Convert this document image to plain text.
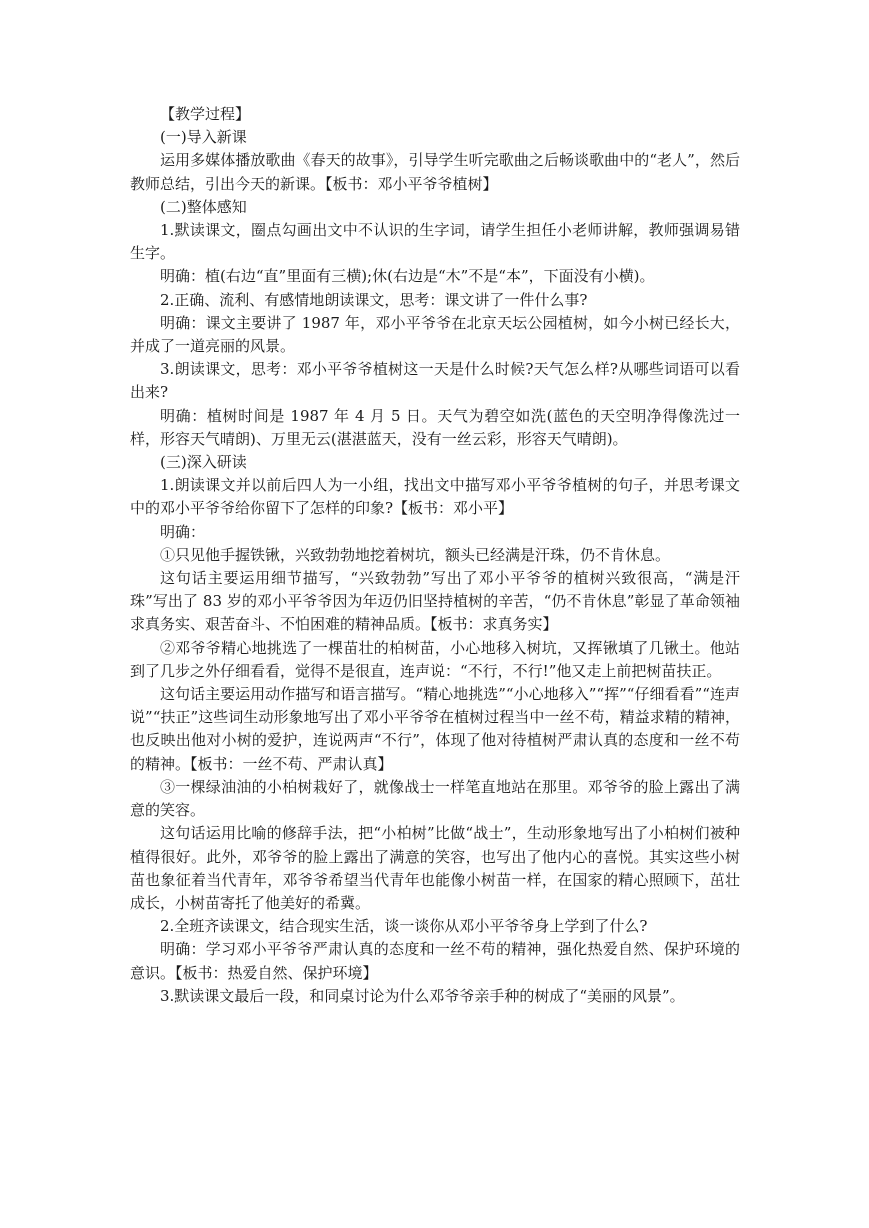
【教学过程】

(一)导入新课

运用多媒体播放歌曲《春天的故事》，引导学生听完歌曲之后畅谈歌曲中的“老人”，然后教师总结，引出今天的新课。【板书：邓小平爷爷植树】

(二)整体感知

1.默读课文，圈点勾画出文中不认识的生字词，请学生担任小老师讲解，教师强调易错生字。

明确：植(右边“直”里面有三横);休(右边是“木”不是“本”，下面没有小横)。

2.正确、流利、有感情地朗读课文，思考：课文讲了一件什么事?

明确：课文主要讲了 1987 年，邓小平爷爷在北京天坛公园植树，如今小树已经长大，并成了一道亮丽的风景。

3.朗读课文，思考：邓小平爷爷植树这一天是什么时候?天气怎么样?从哪些词语可以看出来?

明确：植树时间是 1987 年 4 月 5 日。天气为碧空如洗(蓝色的天空明净得像洗过一样，形容天气晴朗)、万里无云(湛湛蓝天，没有一丝云彩，形容天气晴朗)。

(三)深入研读

1.朗读课文并以前后四人为一小组，找出文中描写邓小平爷爷植树的句子，并思考课文中的邓小平爷爷给你留下了怎样的印象?【板书：邓小平】

明确：

①只见他手握铁锹，兴致勃勃地挖着树坑，额头已经满是汗珠，仍不肯休息。

这句话主要运用细节描写，“兴致勃勃”写出了邓小平爷爷的植树兴致很高，“满是汗珠”写出了 83 岁的邓小平爷爷因为年迈仍旧坚持植树的辛苦，“仍不肯休息”彰显了革命领袖求真务实、艰苦奋斗、不怕困难的精神品质。【板书：求真务实】

②邓爷爷精心地挑选了一棵苗壮的柏树苗，小心地移入树坑，又挥锹填了几锹土。他站到了几步之外仔细看看，觉得不是很直，连声说：“不行，不行!”他又走上前把树苗扶正。

这句话主要运用动作描写和语言描写。“精心地挑选”“小心地移入”“挥”“仔细看看”“连声说”“扶正”这些词生动形象地写出了邓小平爷爷在植树过程当中一丝不苟，精益求精的精神，也反映出他对小树的爱护，连说两声“不行”，体现了他对待植树严肃认真的态度和一丝不苟的精神。【板书：一丝不苟、严肃认真】

③一棵绿油油的小柏树栽好了，就像战士一样笔直地站在那里。邓爷爷的脸上露出了满意的笑容。

这句话运用比喻的修辞手法，把“小柏树”比做“战士”，生动形象地写出了小柏树们被种植得很好。此外，邓爷爷的脸上露出了满意的笑容，也写出了他内心的喜悦。其实这些小树苗也象征着当代青年，邓爷爷希望当代青年也能像小树苗一样，在国家的精心照顾下，茁壮成长，小树苗寄托了他美好的希冀。

2.全班齐读课文，结合现实生活，谈一谈你从邓小平爷爷身上学到了什么?

明确：学习邓小平爷爷严肃认真的态度和一丝不苟的精神，强化热爱自然、保护环境的意识。【板书：热爱自然、保护环境】

3.默读课文最后一段，和同桌讨论为什么邓爷爷亲手种的树成了“美丽的风景”。
